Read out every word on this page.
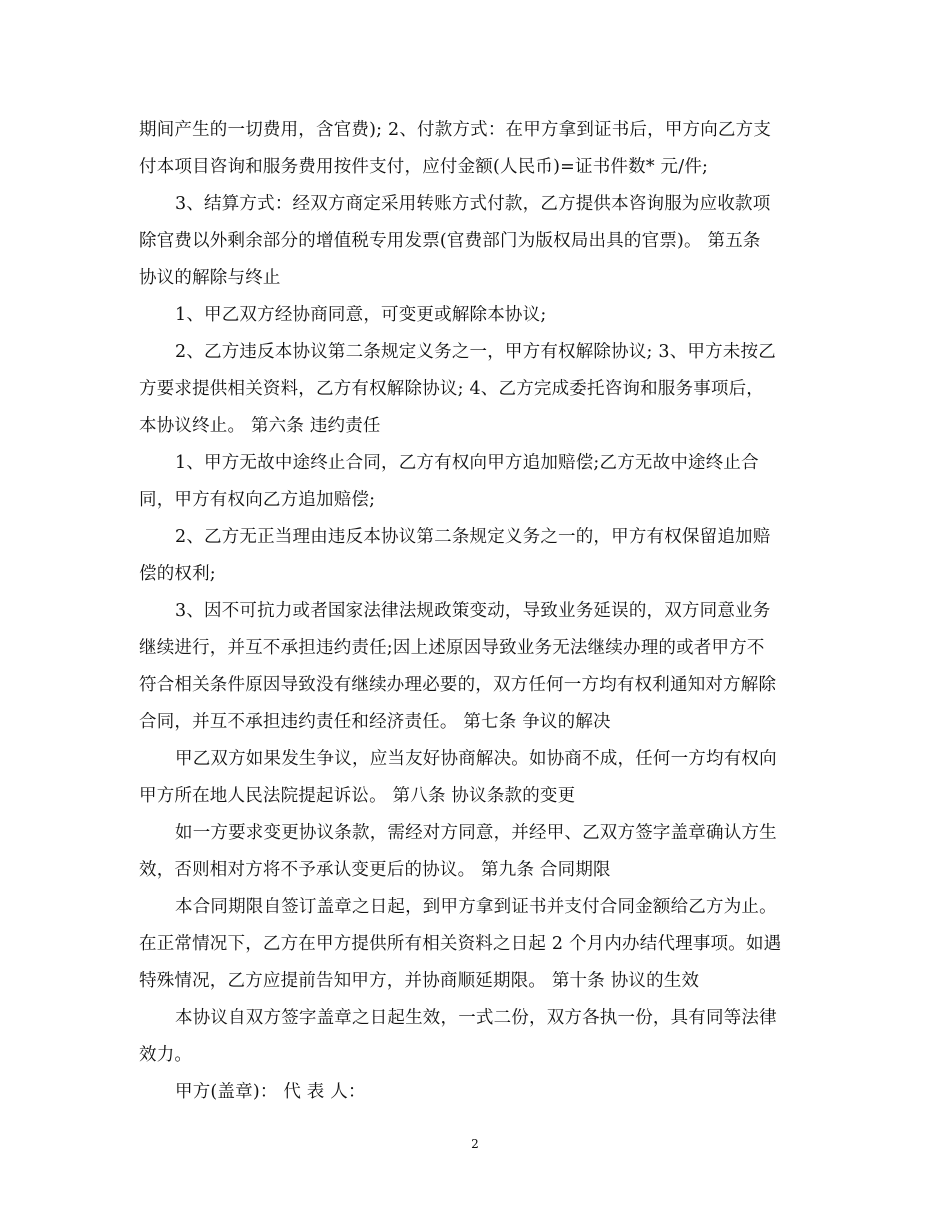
期间产生的一切费用，含官费); 2、付款方式：在甲方拿到证书后，甲方向乙方支
付本项目咨询和服务费用按件支付，应付金额(人民币)=证书件数* 元/件;
3、结算方式：经双方商定采用转账方式付款，乙方提供本咨询服为应收款项
除官费以外剩余部分的增值税专用发票(官费部门为版权局出具的官票)。 第五条
协议的解除与终止
1、甲乙双方经协商同意，可变更或解除本协议;
2、乙方违反本协议第二条规定义务之一，甲方有权解除协议; 3、甲方未按乙
方要求提供相关资料，乙方有权解除协议; 4、乙方完成委托咨询和服务事项后，
本协议终止。 第六条 违约责任
1、甲方无故中途终止合同，乙方有权向甲方追加赔偿;乙方无故中途终止合
同，甲方有权向乙方追加赔偿;
2、乙方无正当理由违反本协议第二条规定义务之一的，甲方有权保留追加赔
偿的权利;
3、因不可抗力或者国家法律法规政策变动，导致业务延误的，双方同意业务
继续进行，并互不承担违约责任;因上述原因导致业务无法继续办理的或者甲方不
符合相关条件原因导致没有继续办理必要的，双方任何一方均有权利通知对方解除
合同，并互不承担违约责任和经济责任。 第七条 争议的解决
甲乙双方如果发生争议，应当友好协商解决。如协商不成，任何一方均有权向
甲方所在地人民法院提起诉讼。 第八条 协议条款的变更
如一方要求变更协议条款，需经对方同意，并经甲、乙双方签字盖章确认方生
效，否则相对方将不予承认变更后的协议。 第九条 合同期限
本合同期限自签订盖章之日起，到甲方拿到证书并支付合同金额给乙方为止。
在正常情况下，乙方在甲方提供所有相关资料之日起 2 个月内办结代理事项。如遇
特殊情况，乙方应提前告知甲方，并协商顺延期限。 第十条 协议的生效
本协议自双方签字盖章之日起生效，一式二份，双方各执一份，具有同等法律
效力。
甲方(盖章)： 代 表 人：
2
